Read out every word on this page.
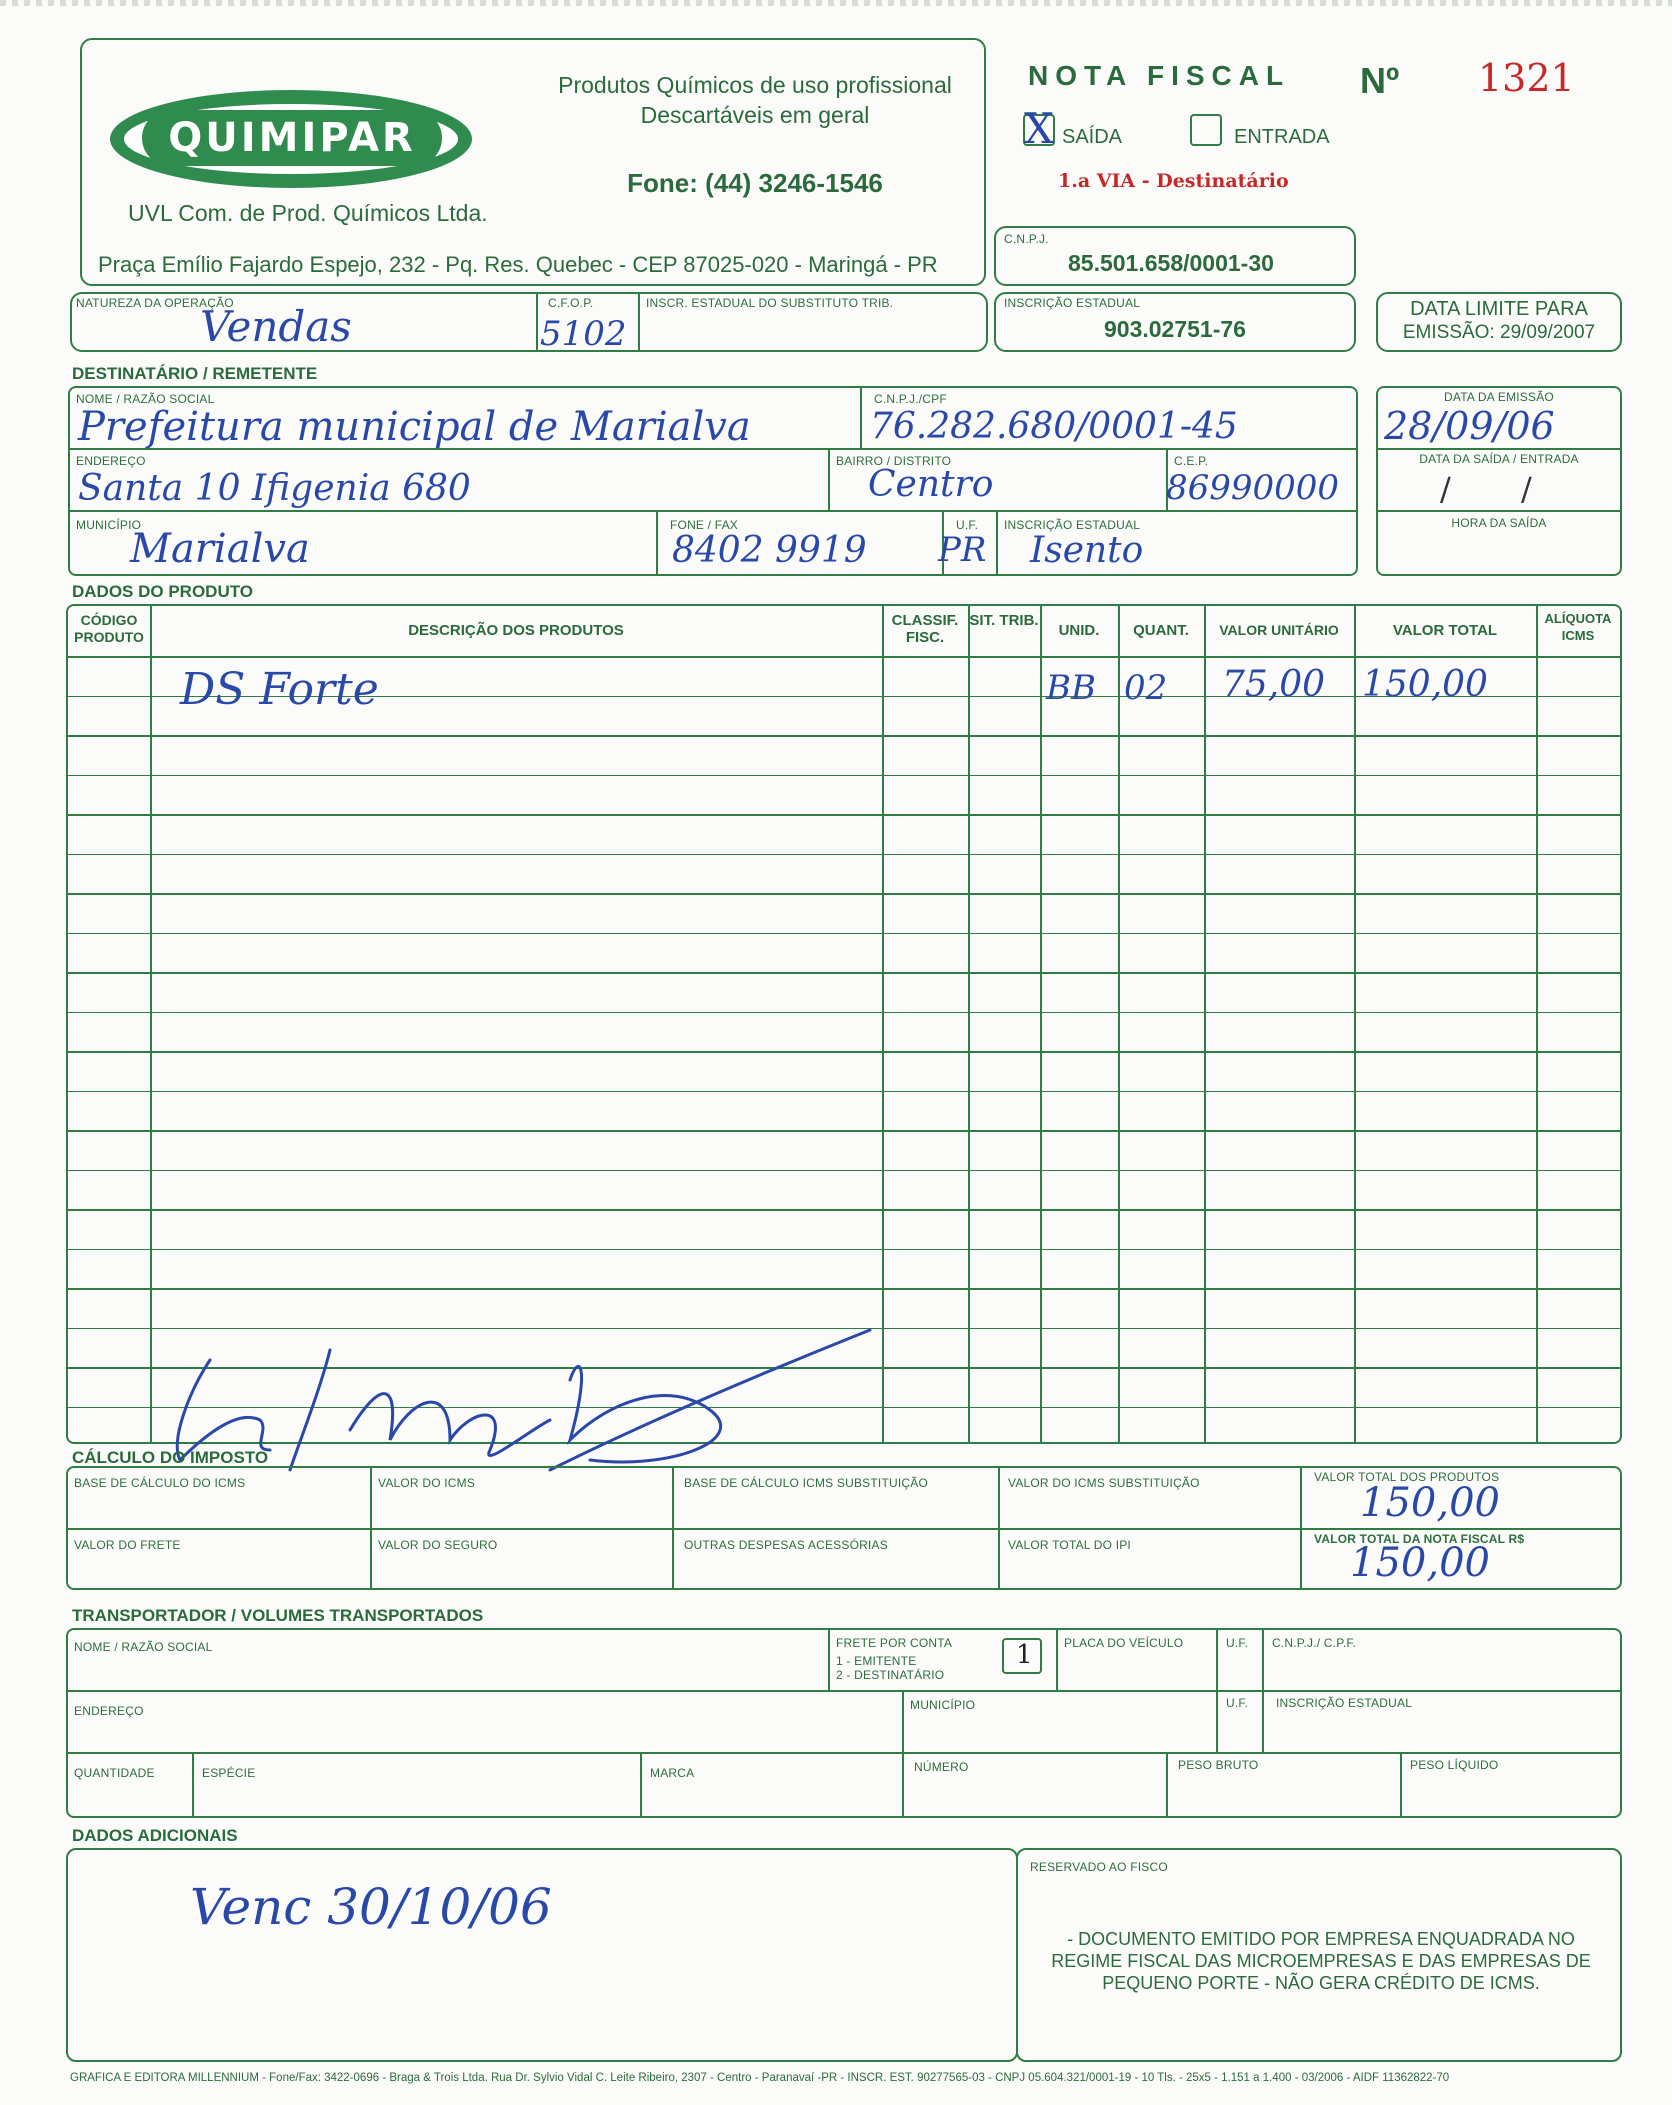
QUIMIPAR
UVL Com. de Prod. Químicos Ltda.
Produtos Químicos de uso profissional
Descartáveis em geral
Fone: (44) 3246-1546
Praça Emílio Fajardo Espejo, 232 - Pq. Res. Quebec - CEP 87025-020 - Maringá - PR
NOTA FISCAL Nº 1321
X SAÍDA	ENTRADA
1.a VIA - Destinatário
C.N.P.J.
85.501.658/0001-30
NATUREZA DA OPERAÇÃO
Vendas	C.F.O.P.
5102
INSCR. ESTADUAL DO SUBSTITUTO TRIB.	INSCRIÇÃO ESTADUAL
903.02751-76
DATA LIMITE PARA
EMISSÃO: 29/09/2007
DESTINATÁRIO / REMETENTE
NOME / RAZÃO SOCIAL
Prefeitura municipal de Marialva
C.N.P.J./CPF
76.282.680/0001-45
ENDEREÇO
Santa 10 Ifigenia 680
BAIRRO / DISTRITO
Centro
C.E.P.
86990000
MUNICÍPIO
Marialva
FONE / FAX
8402 9919
U.F.
PR
INSCRIÇÃO ESTADUAL
Isento
DATA DA EMISSÃO
28/09/06
DATA DA SAÍDA / ENTRADA
/ /
HORA DA SAÍDA
DADOS DO PRODUTO
CÓDIGO PRODUTO	DESCRIÇÃO DOS PRODUTOS
CLASSIF. FISC.
SIT. TRIB.
UNID.	QUANT.	VALOR UNITÁRIO	VALOR TOTAL
ALÍQUOTA ICMS
DS Forte	BB 02 75,00 150,00
CÁLCULO DO IMPOSTO
BASE DE CÁLCULO DO ICMS	VALOR DO ICMS	BASE DE CÁLCULO ICMS SUBSTITUIÇÃO	VALOR DO ICMS SUBSTITUIÇÃO	VALOR TOTAL DOS PRODUTOS
150,00
VALOR DO FRETE	VALOR DO SEGURO	OUTRAS DESPESAS ACESSÓRIAS	VALOR TOTAL DO IPI	VALOR TOTAL DA NOTA FISCAL R$
150,00
TRANSPORTADOR / VOLUMES TRANSPORTADOS
NOME / RAZÃO SOCIAL	FRETE POR CONTA
1 - EMITENTE
2 - DESTINATÁRIO
1	PLACA DO VEÍCULO	U.F. C.N.P.J./ C.P.F.
ENDEREÇO	MUNICÍPIO	U.F. INSCRIÇÃO ESTADUAL
QUANTIDADE	ESPÉCIE	MARCA	NÚMERO	PESO BRUTO	PESO LÍQUIDO
DADOS ADICIONAIS
Venc 30/10/06
RESERVADO AO FISCO
- DOCUMENTO EMITIDO POR EMPRESA ENQUADRADA NO REGIME FISCAL DAS MICROEMPRESAS E DAS EMPRESAS DE PEQUENO PORTE - NÃO GERA CRÉDITO DE ICMS.
GRÁFICA E EDITORA MILLENNIUM - Fone/Fax: 3422-0696 - Braga & Trois Ltda. Rua Dr. Sylvio Vidal C. Leite Ribeiro, 2307 - Centro - Paranavaí -PR - INSCR. EST. 90277565-03 - CNPJ 05.604.321/0001-19 - 10 Tls. - 25x5 - 1.151 a 1.400 - 03/2006 - AIDF 11362822-70
